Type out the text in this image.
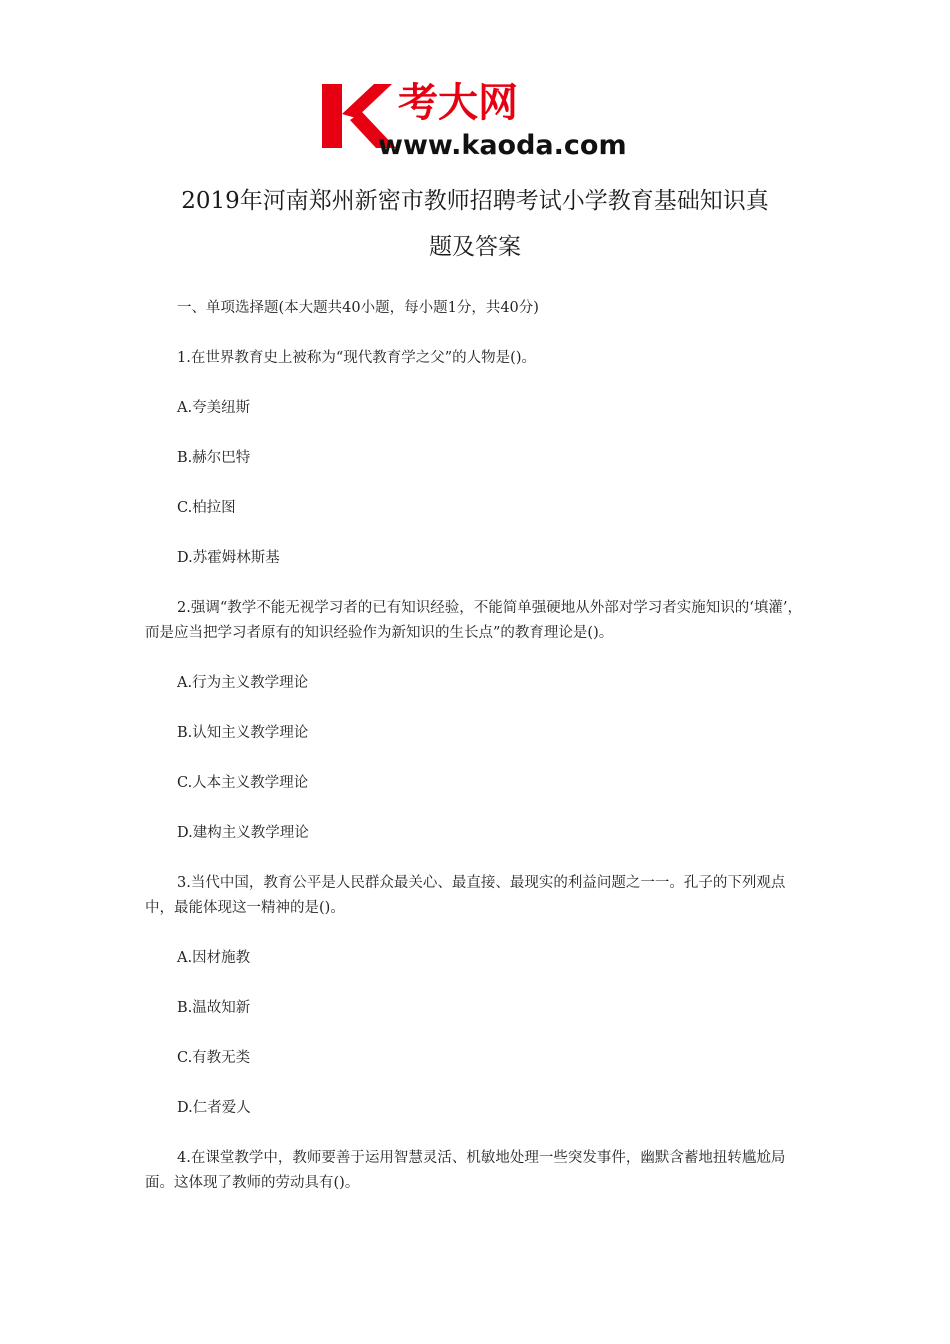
考大网
www.kaoda.com
2019年河南郑州新密市教师招聘考试小学教育基础知识真
题及答案

一、单项选择题(本大题共40小题，每小题1分，共40分)

1.在世界教育史上被称为“现代教育学之父”的人物是()。

A.夸美纽斯

B.赫尔巴特

C.柏拉图

D.苏霍姆林斯基

2.强调“教学不能无视学习者的已有知识经验，不能简单强硬地从外部对学习者实施知识的‘填灌’，而是应当把学习者原有的知识经验作为新知识的生长点”的教育理论是()。

A.行为主义教学理论

B.认知主义教学理论

C.人本主义教学理论

D.建构主义教学理论

3.当代中国，教育公平是人民群众最关心、最直接、最现实的利益问题之一一。孔子的下列观点中，最能体现这一精神的是()。

A.因材施教

B.温故知新

C.有教无类

D.仁者爱人

4.在课堂教学中，教师要善于运用智慧灵活、机敏地处理一些突发事件，幽默含蓄地扭转尴尬局面。这体现了教师的劳动具有()。
